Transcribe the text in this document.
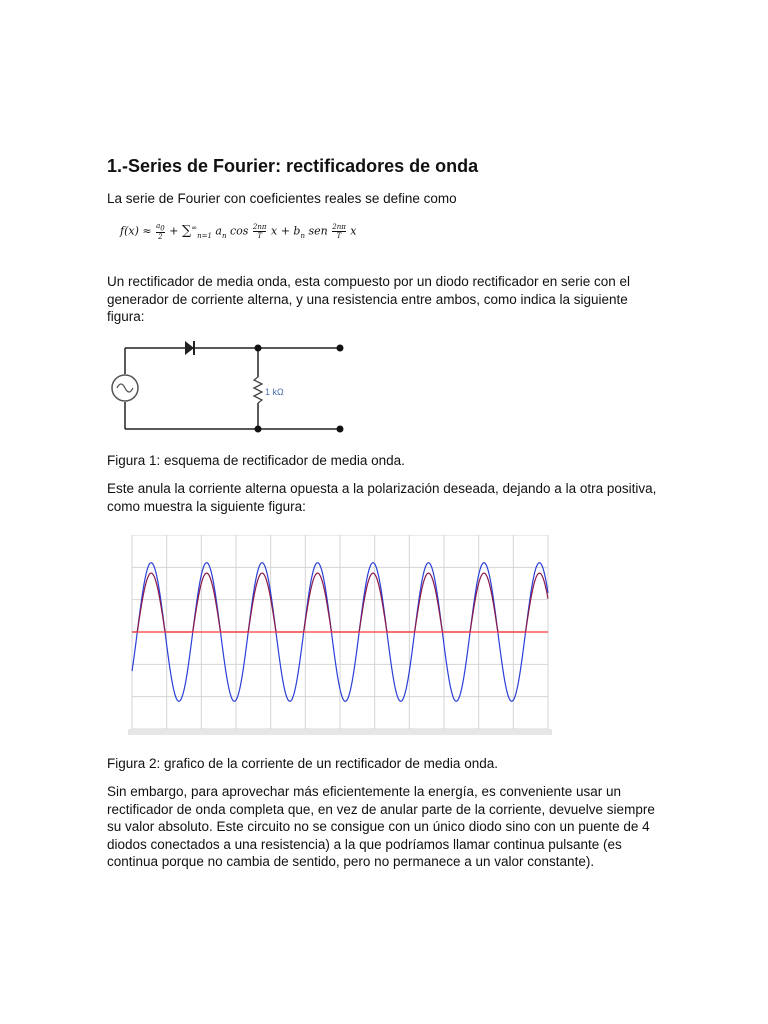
1.-Series de Fourier: rectificadores de onda

La serie de Fourier con coeficientes reales se define como

$f(x) \approx \frac{a_0}{2} + \sum^\infty_{n=1}$ $a_n$ $\cos \frac{2n\pi}{T}$ $x + b_n$ sen $\frac{2n\pi}{T}$ x

Un rectificador de media onda, esta compuesto por un diodo rectificador en serie con el generador de corriente alterna, y una resistencia entre ambos, como indica la siguiente figura:

1 kΩ

Figura 1: esquema de rectificador de media onda.

Este anula la corriente alterna opuesta a la polarización deseada, dejando a la otra positiva, como muestra la siguiente figura:

Figura 2: grafico de la corriente de un rectificador de media onda.

Sin embargo, para aprovechar más eficientemente la energía, es conveniente usar un rectificador de onda completa que, en vez de anular parte de la corriente, devuelve siempre su valor absoluto. Este circuito no se consigue con un único diodo sino con un puente de 4 diodos conectados a una resistencia) a la que podríamos llamar continua pulsante (es continua porque no cambia de sentido, pero no permanece a un valor constante).
